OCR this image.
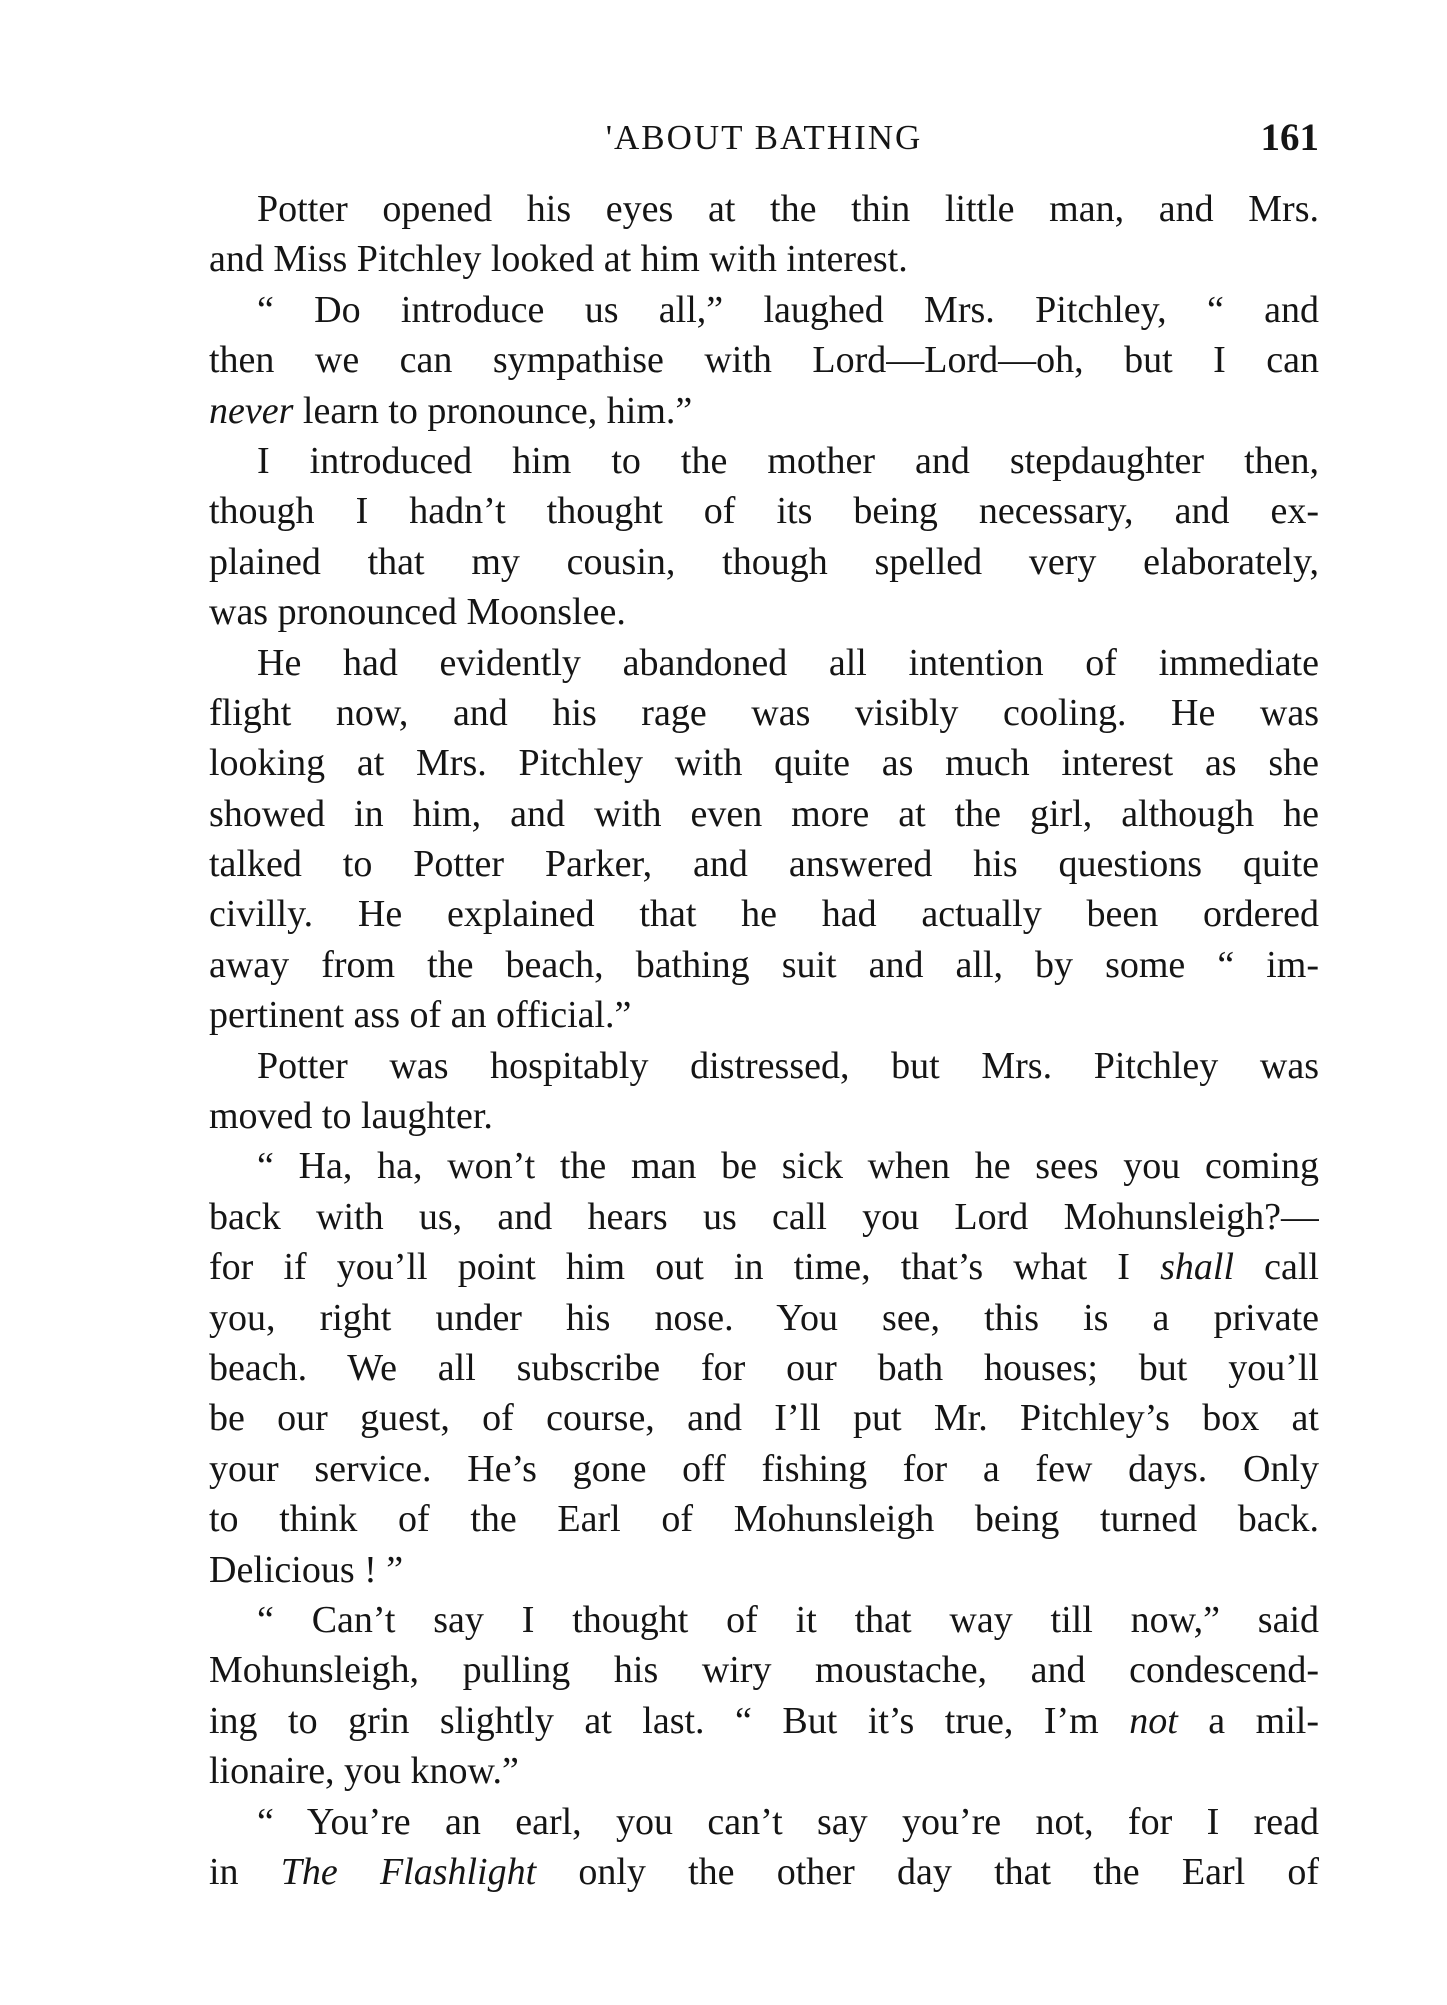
'ABOUT BATHING	161
Potter opened his eyes at the thin little man, and Mrs.
and Miss Pitchley looked at him with interest.
“ Do introduce us all,” laughed Mrs. Pitchley, “ and
then we can sympathise with Lord—Lord—oh, but I can
never learn to pronounce, him.”
I introduced him to the mother and stepdaughter then,
though I hadn’t thought of its being necessary, and ex-
plained that my cousin, though spelled very elaborately,
was pronounced Moonslee.
He had evidently abandoned all intention of immediate
flight now, and his rage was visibly cooling. He was
looking at Mrs. Pitchley with quite as much interest as she
showed in him, and with even more at the girl, although he
talked to Potter Parker, and answered his questions quite
civilly. He explained that he had actually been ordered
away from the beach, bathing suit and all, by some “ im-
pertinent ass of an official.”
Potter was hospitably distressed, but Mrs. Pitchley was
moved to laughter.
“ Ha, ha, won’t the man be sick when he sees you coming
back with us, and hears us call you Lord Mohunsleigh?—
for if you’ll point him out in time, that’s what I shall call
you, right under his nose. You see, this is a private
beach. We all subscribe for our bath houses; but you’ll
be our guest, of course, and I’ll put Mr. Pitchley’s box at
your service. He’s gone off fishing for a few days. Only
to think of the Earl of Mohunsleigh being turned back.
Delicious ! ”
“ Can’t say I thought of it that way till now,” said
Mohunsleigh, pulling his wiry moustache, and condescend-
ing to grin slightly at last. “ But it’s true, I’m not a mil-
lionaire, you know.”
“ You’re an earl, you can’t say you’re not, for I read
in The Flashlight only the other day that the Earl of
